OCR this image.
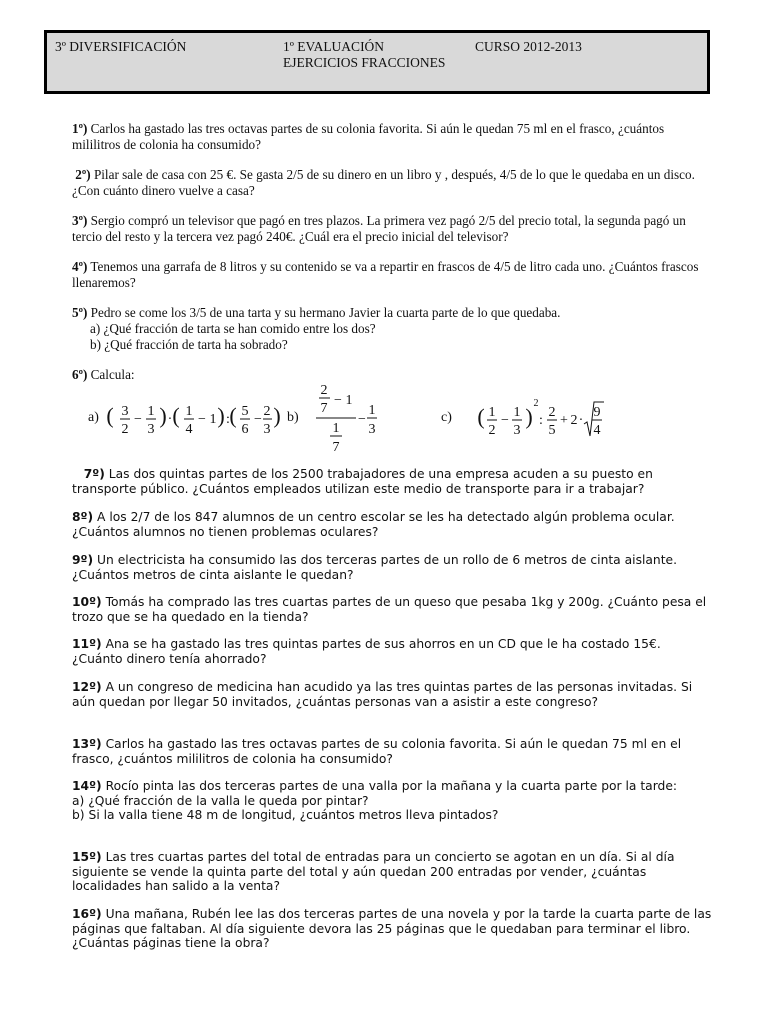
3º DIVERSIFICACIÓN	1º EVALUACIÓN	CURSO 2012-2013
EJERCICIOS FRACCIONES

1º) Carlos ha gastado las tres octavas partes de su colonia favorita. Si aún le quedan 75 ml en el frasco, ¿cuántos mililitros de colonia ha consumido?

2º) Pilar sale de casa con 25 €. Se gasta 2/5 de su dinero en un libro y , después, 4/5 de lo que le quedaba en un disco. ¿Con cuánto dinero vuelve a casa?

3º) Sergio compró un televisor que pagó en tres plazos. La primera vez pagó 2/5 del precio total, la segunda pagó un tercio del resto y la tercera vez pagó 240€. ¿Cuál era el precio inicial del televisor?

4º) Tenemos una garrafa de 8 litros y su contenido se va a repartir en frascos de 4/5 de litro cada uno. ¿Cuántos frascos llenaremos?

5º) Pedro se come los 3/5 de una tarta y su hermano Javier la cuarta parte de lo que quedaba.

a) ¿Qué fracción de tarta se han comido entre los dos?

b) ¿Qué fracción de tarta ha sobrado?

6º) Calcula:

a)	b)	c)
( 3
2
−
1
3
) · ( 1
4
− 1 ) : ( 5
6
−
2
3
)
2
7
− 1
1
7
−
1
3
( 1
2
−
1
3
)
2
:
2
5
+ 2 ·
9
4

7º) Las dos quintas partes de los 2500 trabajadores de una empresa acuden a su puesto en transporte público. ¿Cuántos empleados utilizan este medio de transporte para ir a trabajar?

8º) A los 2/7 de los 847 alumnos de un centro escolar se les ha detectado algún problema ocular. ¿Cuántos alumnos no tienen problemas oculares?

9º) Un electricista ha consumido las dos terceras partes de un rollo de 6 metros de cinta aislante. ¿Cuántos metros de cinta aislante le quedan?

10º) Tomás ha comprado las tres cuartas partes de un queso que pesaba 1kg y 200g. ¿Cuánto pesa el trozo que se ha quedado en la tienda?

11º) Ana se ha gastado las tres quintas partes de sus ahorros en un CD que le ha costado 15€. ¿Cuánto dinero tenía ahorrado?

12º) A un congreso de medicina han acudido ya las tres quintas partes de las personas invitadas. Si aún quedan por llegar 50 invitados, ¿cuántas personas van a asistir a este congreso?

13º) Carlos ha gastado las tres octavas partes de su colonia favorita. Si aún le quedan 75 ml en el frasco, ¿cuántos mililitros de colonia ha consumido?

14º) Rocío pinta las dos terceras partes de una valla por la mañana y la cuarta parte por la tarde:

a) ¿Qué fracción de la valla le queda por pintar?

b) Si la valla tiene 48 m de longitud, ¿cuántos metros lleva pintados?

15º) Las tres cuartas partes del total de entradas para un concierto se agotan en un día. Si al día siguiente se vende la quinta parte del total y aún quedan 200 entradas por vender, ¿cuántas localidades han salido a la venta?

16º) Una mañana, Rubén lee las dos terceras partes de una novela y por la tarde la cuarta parte de las páginas que faltaban. Al día siguiente devora las 25 páginas que le quedaban para terminar el libro. ¿Cuántas páginas tiene la obra?
